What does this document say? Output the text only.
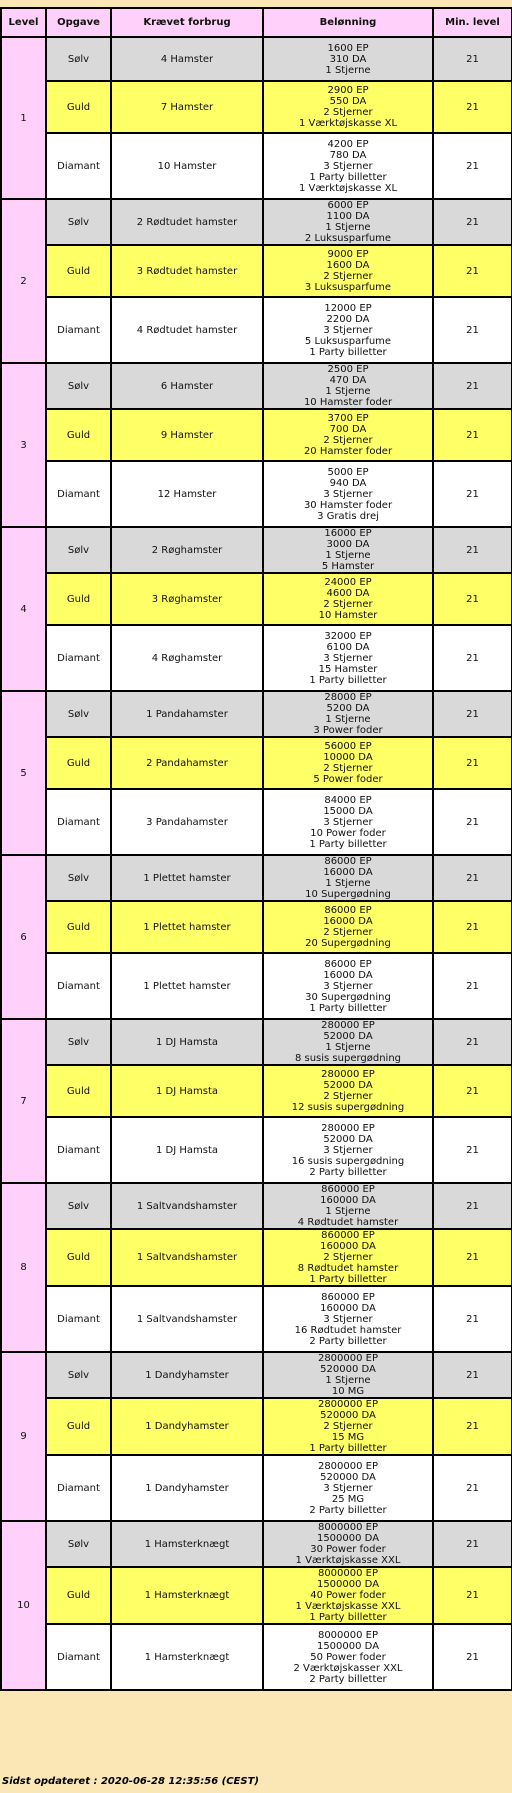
Level	Opgave	Krævet forbrug	Belønning	Min. level
1	Sølv	4 Hamster	1600 EP
310 DA
1 Stjerne	21
	Guld	7 Hamster	2900 EP
550 DA
2 Stjerner
1 Værktøjskasse XL	21
	Diamant	10 Hamster	4200 EP
780 DA
3 Stjerner
1 Party billetter
1 Værktøjskasse XL	21
2	Sølv	2 Rødtudet hamster	6000 EP
1100 DA
1 Stjerne
2 Luksusparfume	21
	Guld	3 Rødtudet hamster	9000 EP
1600 DA
2 Stjerner
3 Luksusparfume	21
	Diamant	4 Rødtudet hamster	12000 EP
2200 DA
3 Stjerner
5 Luksusparfume
1 Party billetter	21
3	Sølv	6 Hamster	2500 EP
470 DA
1 Stjerne
10 Hamster foder	21
	Guld	9 Hamster	3700 EP
700 DA
2 Stjerner
20 Hamster foder	21
	Diamant	12 Hamster	5000 EP
940 DA
3 Stjerner
30 Hamster foder
3 Gratis drej	21
4	Sølv	2 Røghamster	16000 EP
3000 DA
1 Stjerne
5 Hamster	21
	Guld	3 Røghamster	24000 EP
4600 DA
2 Stjerner
10 Hamster	21
	Diamant	4 Røghamster	32000 EP
6100 DA
3 Stjerner
15 Hamster
1 Party billetter	21
5	Sølv	1 Pandahamster	28000 EP
5200 DA
1 Stjerne
3 Power foder	21
	Guld	2 Pandahamster	56000 EP
10000 DA
2 Stjerner
5 Power foder	21
	Diamant	3 Pandahamster	84000 EP
15000 DA
3 Stjerner
10 Power foder
1 Party billetter	21
6	Sølv	1 Plettet hamster	86000 EP
16000 DA
1 Stjerne
10 Supergødning	21
	Guld	1 Plettet hamster	86000 EP
16000 DA
2 Stjerner
20 Supergødning	21
	Diamant	1 Plettet hamster	86000 EP
16000 DA
3 Stjerner
30 Supergødning
1 Party billetter	21
7	Sølv	1 DJ Hamsta	280000 EP
52000 DA
1 Stjerne
8 susis supergødning	21
	Guld	1 DJ Hamsta	280000 EP
52000 DA
2 Stjerner
12 susis supergødning	21
	Diamant	1 DJ Hamsta	280000 EP
52000 DA
3 Stjerner
16 susis supergødning
2 Party billetter	21
8	Sølv	1 Saltvandshamster	860000 EP
160000 DA
1 Stjerne
4 Rødtudet hamster	21
	Guld	1 Saltvandshamster	860000 EP
160000 DA
2 Stjerner
8 Rødtudet hamster
1 Party billetter	21
	Diamant	1 Saltvandshamster	860000 EP
160000 DA
3 Stjerner
16 Rødtudet hamster
2 Party billetter	21
9	Sølv	1 Dandyhamster	2800000 EP
520000 DA
1 Stjerne
10 MG	21
	Guld	1 Dandyhamster	2800000 EP
520000 DA
2 Stjerner
15 MG
1 Party billetter	21
	Diamant	1 Dandyhamster	2800000 EP
520000 DA
3 Stjerner
25 MG
2 Party billetter	21
10	Sølv	1 Hamsterknægt	8000000 EP
1500000 DA
30 Power foder
1 Værktøjskasse XXL	21
	Guld	1 Hamsterknægt	8000000 EP
1500000 DA
40 Power foder
1 Værktøjskasse XXL
1 Party billetter	21
	Diamant	1 Hamsterknægt	8000000 EP
1500000 DA
50 Power foder
2 Værktøjskasser XXL
2 Party billetter	21
Sidst opdateret : 2020-06-28 12:35:56 (CEST)
